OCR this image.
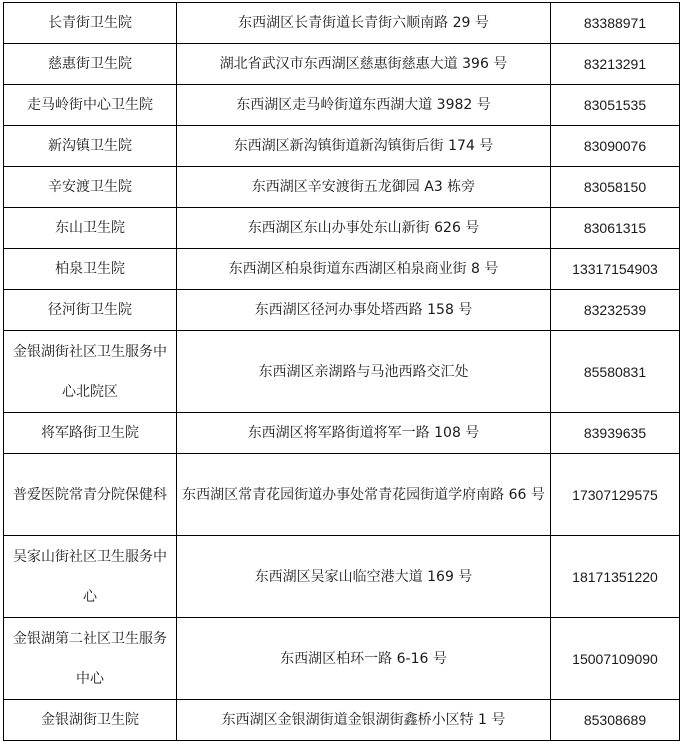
长青街卫生院	东西湖区长青街道长青街六顺南路 29 号	83388971
慈惠街卫生院	湖北省武汉市东西湖区慈惠街慈惠大道 396 号	83213291
走马岭街中心卫生院	东西湖区走马岭街道东西湖大道 3982 号	83051535
新沟镇卫生院	东西湖区新沟镇街道新沟镇街后街 174 号	83090076
辛安渡卫生院	东西湖区辛安渡街五龙御园 A3 栋旁	83058150
东山卫生院	东西湖区东山办事处东山新街 626 号	83061315
柏泉卫生院	东西湖区柏泉街道东西湖区柏泉商业街 8 号	13317154903
径河街卫生院	东西湖区径河办事处塔西路 158 号	83232539
金银湖街社区卫生服务中心北院区	东西湖区亲湖路与马池西路交汇处	85580831
将军路街卫生院	东西湖区将军路街道将军一路 108 号	83939635
普爱医院常青分院保健科	东西湖区常青花园街道办事处常青花园街道学府南路 66 号	17307129575
吴家山街社区卫生服务中心	东西湖区吴家山临空港大道 169 号	18171351220
金银湖第二社区卫生服务中心	东西湖区柏环一路 6-16 号	15007109090
金银湖街卫生院	东西湖区金银湖街道金银湖街鑫桥小区特 1 号	85308689
